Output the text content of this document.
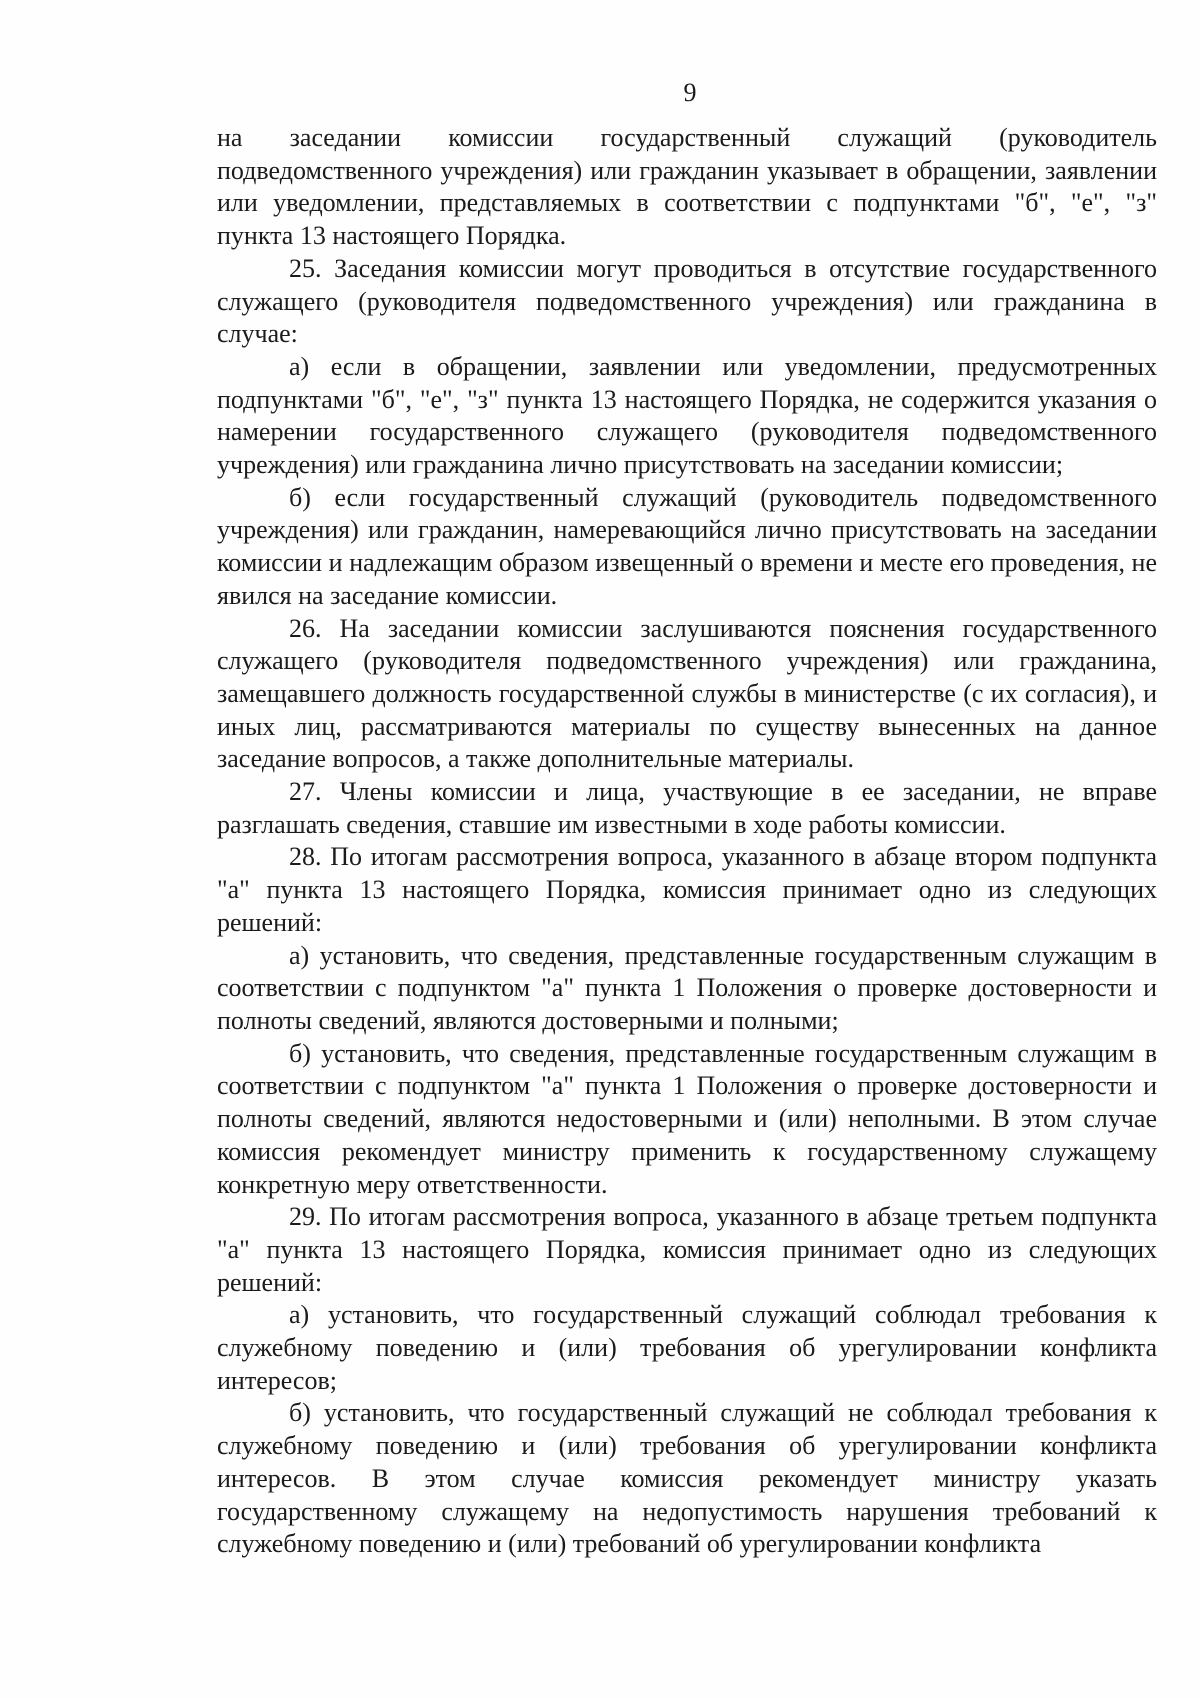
9

на заседании комиссии государственный служащий (руководитель подведомственного учреждения) или гражданин указывает в обращении, заявлении или уведомлении, представляемых в соответствии с подпунктами "б", "е", "з" пункта 13 настоящего Порядка.

25. Заседания комиссии могут проводиться в отсутствие государственного служащего (руководителя подведомственного учреждения) или гражданина в случае:

а) если в обращении, заявлении или уведомлении, предусмотренных подпунктами "б", "е", "з" пункта 13 настоящего Порядка, не содержится указания о намерении государственного служащего (руководителя подведомственного учреждения) или гражданина лично присутствовать на заседании комиссии;

б) если государственный служащий (руководитель подведомственного учреждения) или гражданин, намеревающийся лично присутствовать на заседании комиссии и надлежащим образом извещенный о времени и месте его проведения, не явился на заседание комиссии.

26. На заседании комиссии заслушиваются пояснения государственного служащего (руководителя подведомственного учреждения) или гражданина, замещавшего должность государственной службы в министерстве (с их согласия), и иных лиц, рассматриваются материалы по существу вынесенных на данное заседание вопросов, а также дополнительные материалы.

27. Члены комиссии и лица, участвующие в ее заседании, не вправе разглашать сведения, ставшие им известными в ходе работы комиссии.

28. По итогам рассмотрения вопроса, указанного в абзаце втором подпункта "а" пункта 13 настоящего Порядка, комиссия принимает одно из следующих решений:

а) установить, что сведения, представленные государственным служащим в соответствии с подпунктом "а" пункта 1 Положения о проверке достоверности и полноты сведений, являются достоверными и полными;

б) установить, что сведения, представленные государственным служащим в соответствии с подпунктом "а" пункта 1 Положения о проверке достоверности и полноты сведений, являются недостоверными и (или) неполными. В этом случае комиссия рекомендует министру применить к государственному служащему конкретную меру ответственности.

29. По итогам рассмотрения вопроса, указанного в абзаце третьем подпункта "а" пункта 13 настоящего Порядка, комиссия принимает одно из следующих решений:

а) установить, что государственный служащий соблюдал требования к служебному поведению и (или) требования об урегулировании конфликта интересов;

б) установить, что государственный служащий не соблюдал требования к служебному поведению и (или) требования об урегулировании конфликта интересов. В этом случае комиссия рекомендует министру указать государственному служащему на недопустимость нарушения требований к служебному поведению и (или) требований об урегулировании конфликта
